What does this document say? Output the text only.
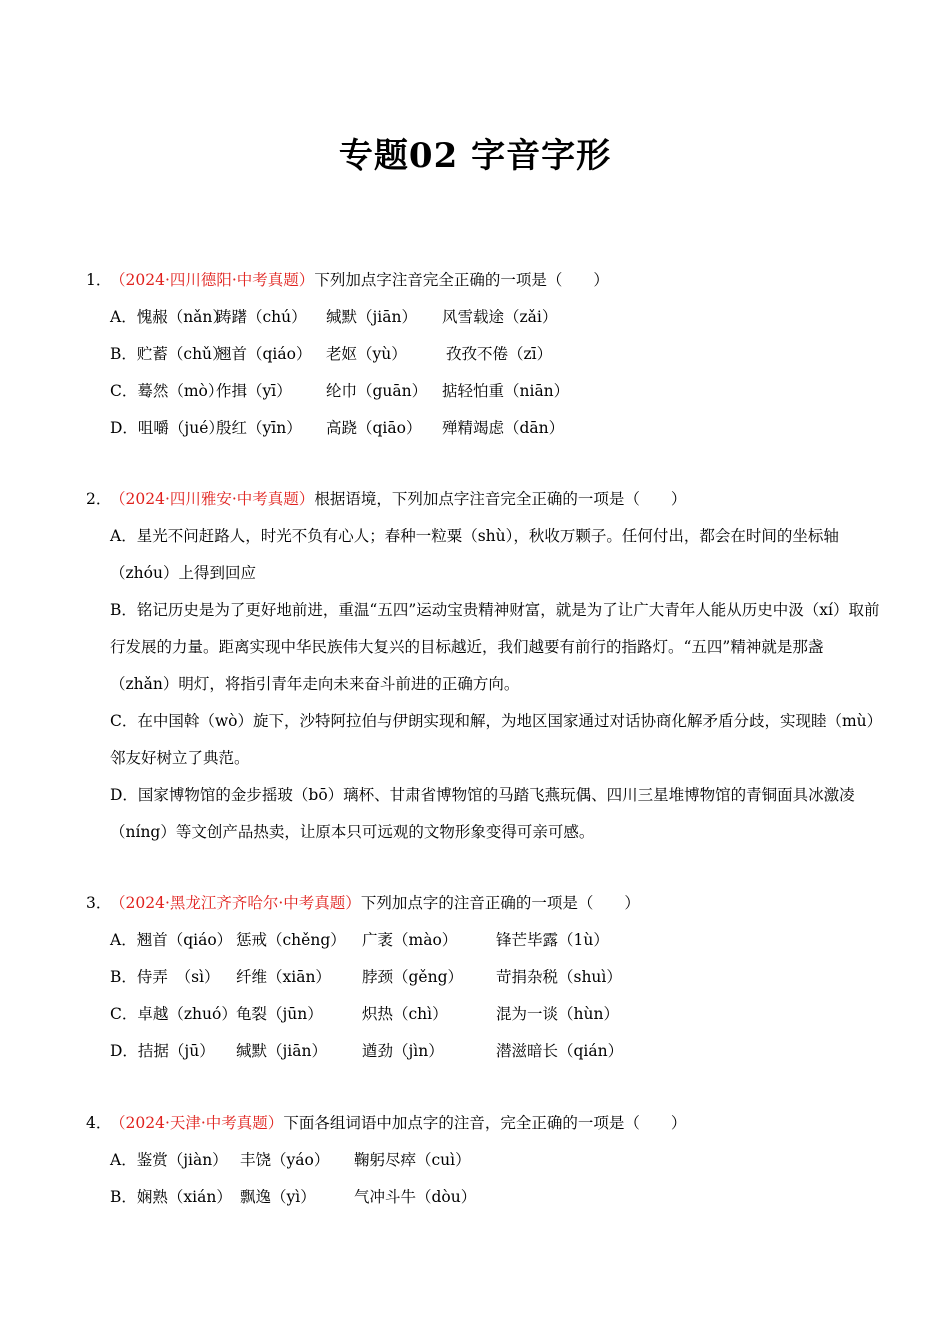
专题02 字音字形
1．（2024·四川德阳·中考真题）下列加点字注音完全正确的一项是（　　）
A．愧赧（nǎn）踌躇（chú） 缄默（jiān） 风雪载途（zǎi）
B．贮蓄（chǔ）翘首（qiáo） 老妪（yù）	孜孜不倦（zī）
C．蓦然（mò）作揖（yī） 纶巾（guān） 掂轻怕重（niān）
D．咀嚼（jué）殷红（yīn） 高跷（qiāo） 殚精竭虑（dān）
2．（2024·四川雅安·中考真题）根据语境，下列加点字注音完全正确的一项是（　　）
A．星光不问赶路人，时光不负有心人；春种一粒粟（shù），秋收万颗子。任何付出，都会在时间的坐标轴（zhóu）上得到回应
B．铭记历史是为了更好地前进，重温“五四”运动宝贵精神财富，就是为了让广大青年人能从历史中汲（xí）取前行发展的力量。距离实现中华民族伟大复兴的目标越近，我们越要有前行的指路灯。“五四”精神就是那盏（zhǎn）明灯，将指引青年走向未来奋斗前进的正确方向。
C．在中国斡（wò）旋下，沙特阿拉伯与伊朗实现和解，为地区国家通过对话协商化解矛盾分歧，实现睦（mù）邻友好树立了典范。
D．国家博物馆的金步摇玻（bō）璃杯、甘肃省博物馆的马踏飞燕玩偶、四川三星堆博物馆的青铜面具冰激凌（níng）等文创产品热卖，让原本只可远观的文物形象变得可亲可感。
3．（2024·黑龙江齐齐哈尔·中考真题）下列加点字的注音正确的一项是（　　）
A．翘首（qiáo） 惩戒（chěng） 广袤（mào） 锋芒毕露（1ù）
B．侍弄　（sì） 纤维（xiān） 脖颈（gěng） 苛捐杂税（shuì）
C．卓越（zhuó）龟裂（jūn）	炽热（chì）	混为一谈（hùn）
D．拮据（jū） 缄默（jiān） 遒劲（jìn）	潜滋暗长（qián）
4．（2024·天津·中考真题）下面各组词语中加点字的注音，完全正确的一项是（　　）
A．鉴赏（jiàn） 丰饶（yáo） 鞠躬尽瘁（cuì）
B．娴熟（xián） 飘逸（yì） 气冲斗牛（dòu）
